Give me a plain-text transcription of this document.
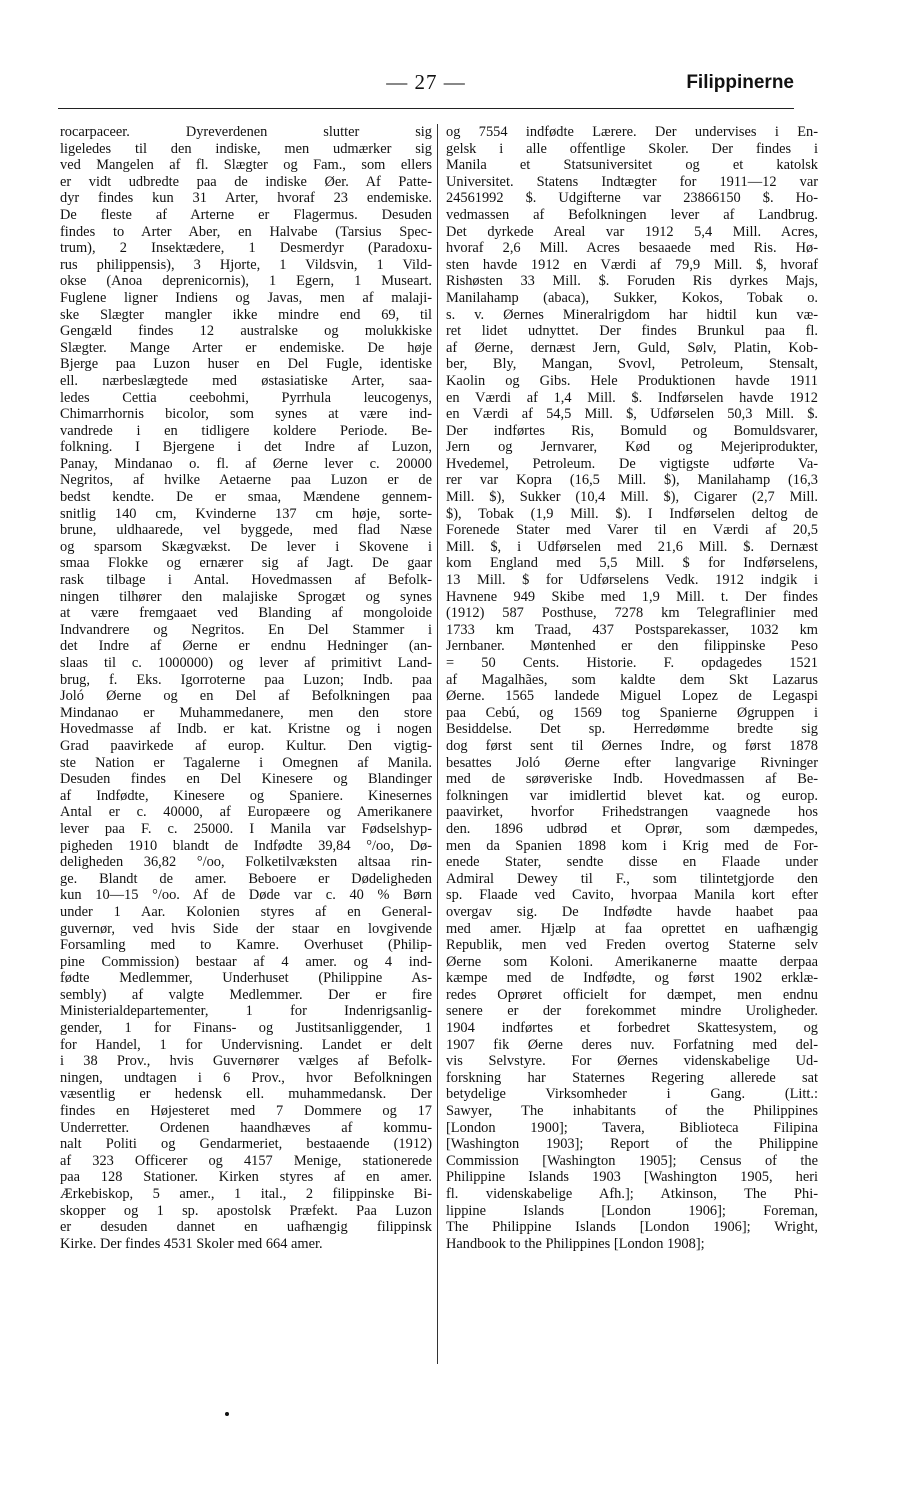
— 27 —	Filippinerne
rocarpaceer. Dyreverdenen slutter sig
ligeledes til den indiske, men udmærker sig
ved Mangelen af fl. Slægter og Fam., som ellers
er vidt udbredte paa de indiske Øer. Af Patte-
dyr findes kun 31 Arter, hvoraf 23 endemiske.
De fleste af Arterne er Flagermus. Desuden
findes to Arter Aber, en Halvabe (Tarsius Spec-
trum), 2 Insektædere, 1 Desmerdyr (Paradoxu-
rus philippensis), 3 Hjorte, 1 Vildsvin, 1 Vild-
okse (Anoa deprenicornis), 1 Egern, 1 Museart.
Fuglene ligner Indiens og Javas, men af malaji-
ske Slægter mangler ikke mindre end 69, til
Gengæld findes 12 australske og molukkiske
Slægter. Mange Arter er endemiske. De høje
Bjerge paa Luzon huser en Del Fugle, identiske
ell. nærbeslægtede med østasiatiske Arter, saa-
ledes Cettia ceebohmi, Pyrrhula leucogenys,
Chimarrhornis bicolor, som synes at være ind-
vandrede i en tidligere koldere Periode. Be-
folkning. I Bjergene i det Indre af Luzon,
Panay, Mindanao o. fl. af Øerne lever c. 20000
Negritos, af hvilke Aetaerne paa Luzon er de
bedst kendte. De er smaa, Mændene gennem-
snitlig 140 cm, Kvinderne 137 cm høje, sorte-
brune, uldhaarede, vel byggede, med flad Næse
og sparsom Skægvækst. De lever i Skovene i
smaa Flokke og ernærer sig af Jagt. De gaar
rask tilbage i Antal. Hovedmassen af Befolk-
ningen tilhører den malajiske Sprogæt og synes
at være fremgaaet ved Blanding af mongoloide
Indvandrere og Negritos. En Del Stammer i
det Indre af Øerne er endnu Hedninger (an-
slaas til c. 1000000) og lever af primitivt Land-
brug, f. Eks. Igorroterne paa Luzon; Indb. paa
Joló Øerne og en Del af Befolkningen paa
Mindanao er Muhammedanere, men den store
Hovedmasse af Indb. er kat. Kristne og i nogen
Grad paavirkede af europ. Kultur. Den vigtig-
ste Nation er Tagalerne i Omegnen af Manila.
Desuden findes en Del Kinesere og Blandinger
af Indfødte, Kinesere og Spaniere. Kinesernes
Antal er c. 40000, af Europæere og Amerikanere
lever paa F. c. 25000. I Manila var Fødselshyp-
pigheden 1910 blandt de Indfødte 39,84 °/oo, Dø-
deligheden 36,82 °/oo, Folketilvæksten altsaa rin-
ge. Blandt de amer. Beboere er Dødeligheden
kun 10—15 °/oo. Af de Døde var c. 40 % Børn
under 1 Aar. Kolonien styres af en General-
guvernør, ved hvis Side der staar en lovgivende
Forsamling med to Kamre. Overhuset (Philip-
pine Commission) bestaar af 4 amer. og 4 ind-
fødte Medlemmer, Underhuset (Philippine As-
sembly) af valgte Medlemmer. Der er fire
Ministerialdepartementer, 1 for Indenrigsanlig-
gender, 1 for Finans- og Justitsanliggender, 1
for Handel, 1 for Undervisning. Landet er delt
i 38 Prov., hvis Guvernører vælges af Befolk-
ningen, undtagen i 6 Prov., hvor Befolkningen
væsentlig er hedensk ell. muhammedansk. Der
findes en Højesteret med 7 Dommere og 17
Underretter. Ordenen haandhæves af kommu-
nalt Politi og Gendarmeriet, bestaaende (1912)
af 323 Officerer og 4157 Menige, stationerede
paa 128 Stationer. Kirken styres af en amer.
Ærkebiskop, 5 amer., 1 ital., 2 filippinske Bi-
skopper og 1 sp. apostolsk Præfekt. Paa Luzon
er desuden dannet en uafhængig filippinsk
Kirke. Der findes 4531 Skoler med 664 amer.
og 7554 indfødte Lærere. Der undervises i En-
gelsk i alle offentlige Skoler. Der findes i
Manila et Statsuniversitet og et katolsk
Universitet. Statens Indtægter for 1911—12 var
24561992 $. Udgifterne var 23866150 $. Ho-
vedmassen af Befolkningen lever af Landbrug.
Det dyrkede Areal var 1912 5,4 Mill. Acres,
hvoraf 2,6 Mill. Acres besaaede med Ris. Hø-
sten havde 1912 en Værdi af 79,9 Mill. $, hvoraf
Rishøsten 33 Mill. $. Foruden Ris dyrkes Majs,
Manilahamp (abaca), Sukker, Kokos, Tobak o.
s. v. Øernes Mineralrigdom har hidtil kun væ-
ret lidet udnyttet. Der findes Brunkul paa fl.
af Øerne, dernæst Jern, Guld, Sølv, Platin, Kob-
ber, Bly, Mangan, Svovl, Petroleum, Stensalt,
Kaolin og Gibs. Hele Produktionen havde 1911
en Værdi af 1,4 Mill. $. Indførselen havde 1912
en Værdi af 54,5 Mill. $, Udførselen 50,3 Mill. $.
Der indførtes Ris, Bomuld og Bomuldsvarer,
Jern og Jernvarer, Kød og Mejeriprodukter,
Hvedemel, Petroleum. De vigtigste udførte Va-
rer var Kopra (16,5 Mill. $), Manilahamp (16,3
Mill. $), Sukker (10,4 Mill. $), Cigarer (2,7 Mill.
$), Tobak (1,9 Mill. $). I Indførselen deltog de
Forenede Stater med Varer til en Værdi af 20,5
Mill. $, i Udførselen med 21,6 Mill. $. Dernæst
kom England med 5,5 Mill. $ for Indførselens,
13 Mill. $ for Udførselens Vedk. 1912 indgik i
Havnene 949 Skibe med 1,9 Mill. t. Der findes
(1912) 587 Posthuse, 7278 km Telegraflinier med
1733 km Traad, 437 Postsparekasser, 1032 km
Jernbaner. Møntenhed er den filippinske Peso
= 50 Cents. Historie. F. opdagedes 1521
af Magalhães, som kaldte dem Skt Lazarus
Øerne. 1565 landede Miguel Lopez de Legaspi
paa Cebú, og 1569 tog Spanierne Øgruppen i
Besiddelse. Det sp. Herredømme bredte sig
dog først sent til Øernes Indre, og først 1878
besattes Joló Øerne efter langvarige Rivninger
med de sørøveriske Indb. Hovedmassen af Be-
folkningen var imidlertid blevet kat. og europ.
paavirket, hvorfor Frihedstrangen vaagnede hos
den. 1896 udbrød et Oprør, som dæmpedes,
men da Spanien 1898 kom i Krig med de For-
enede Stater, sendte disse en Flaade under
Admiral Dewey til F., som tilintetgjorde den
sp. Flaade ved Cavito, hvorpaa Manila kort efter
overgav sig. De Indfødte havde haabet paa
med amer. Hjælp at faa oprettet en uafhængig
Republik, men ved Freden overtog Staterne selv
Øerne som Koloni. Amerikanerne maatte derpaa
kæmpe med de Indfødte, og først 1902 erklæ-
redes Oprøret officielt for dæmpet, men endnu
senere er der forekommet mindre Uroligheder.
1904 indførtes et forbedret Skattesystem, og
1907 fik Øerne deres nuv. Forfatning med del-
vis Selvstyre. For Øernes videnskabelige Ud-
forskning har Staternes Regering allerede sat
betydelige Virksomheder i Gang. (Litt.:
Sawyer, The inhabitants of the Philippines
[London 1900]; Tavera, Biblioteca Filipina
[Washington 1903]; Report of the Philippine
Commission [Washington 1905]; Census of the
Philippine Islands 1903 [Washington 1905, heri
fl. videnskabelige Afh.]; Atkinson, The Phi-
lippine Islands [London 1906]; Foreman,
The Philippine Islands [London 1906]; Wright,
Handbook to the Philippines [London 1908];
